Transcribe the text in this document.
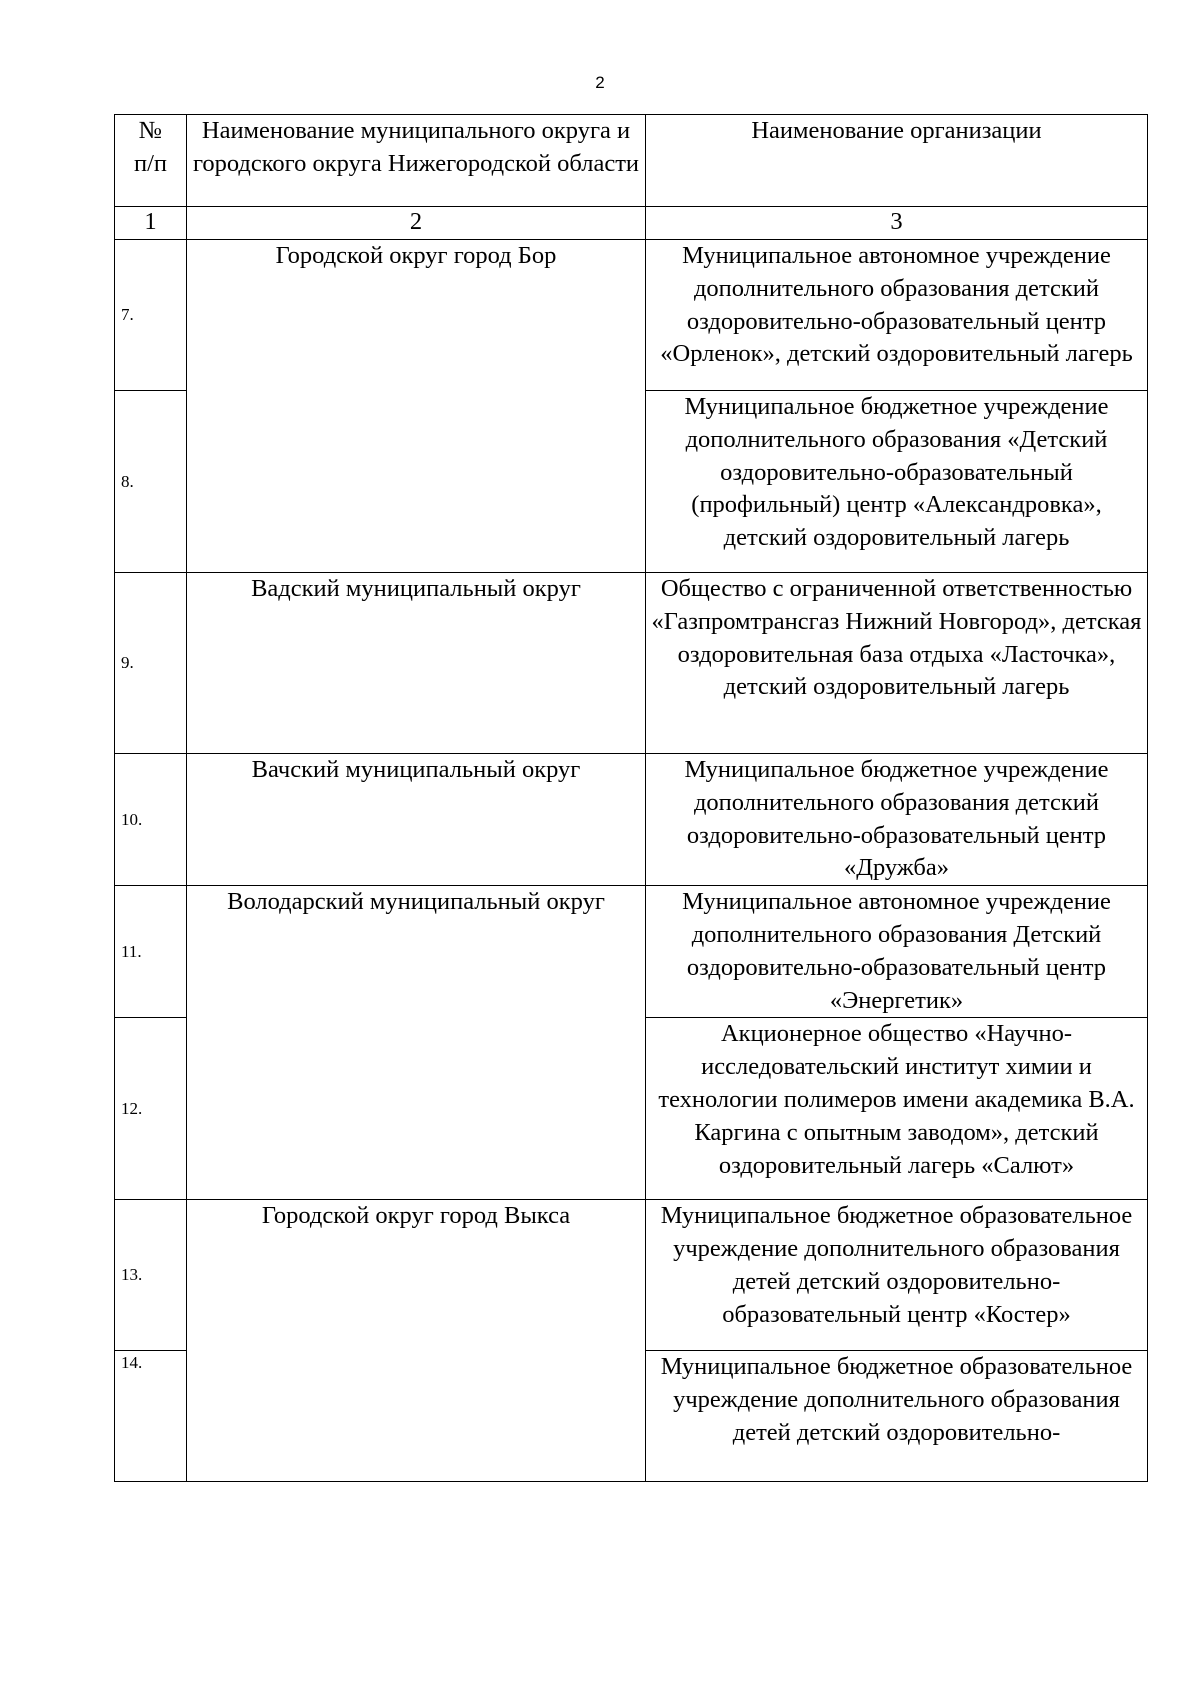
2
№
п/п	Наименование муниципального округа и городского округа Нижегородской области	Наименование организации
1	2	3
7.	Городской округ город Бор	Муниципальное автономное учреждение дополнительного образования детский оздоровительно-образовательный центр «Орленок», детский оздоровительный лагерь
8.		Муниципальное бюджетное учреждение дополнительного образования «Детский оздоровительно-образовательный (профильный) центр «Александровка», детский оздоровительный лагерь
9.	Вадский муниципальный округ	Общество с ограниченной ответственностью «Газпромтрансгаз Нижний Новгород», детская оздоровительная база отдыха «Ласточка», детский оздоровительный лагерь
10.	Вачский муниципальный округ	Муниципальное бюджетное учреждение дополнительного образования детский оздоровительно-образовательный центр «Дружба»
11.	Володарский муниципальный округ	Муниципальное автономное учреждение дополнительного образования Детский оздоровительно-образовательный центр «Энергетик»
12.		Акционерное общество «Научно-исследовательский институт химии и технологии полимеров имени академика В.А. Каргина с опытным заводом», детский оздоровительный лагерь «Салют»
13.	Городской округ город Выкса	Муниципальное бюджетное образовательное учреждение дополнительного образования детей детский оздоровительно-образовательный центр «Костер»
14.		Муниципальное бюджетное образовательное учреждение дополнительного образования детей детский оздоровительно-
